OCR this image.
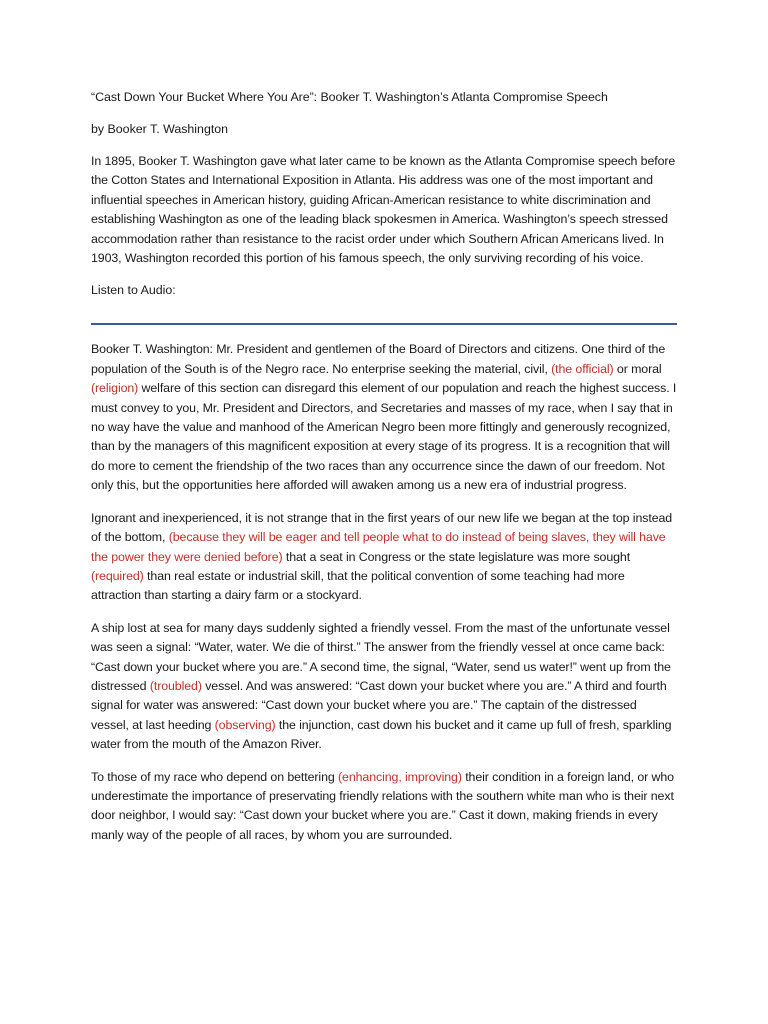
“Cast Down Your Bucket Where You Are”: Booker T. Washington’s Atlanta Compromise Speech

by Booker T. Washington

In 1895, Booker T. Washington gave what later came to be known as the Atlanta Compromise speech before the Cotton States and International Exposition in Atlanta. His address was one of the most important and influential speeches in American history, guiding African-American resistance to white discrimination and establishing Washington as one of the leading black spokesmen in America. Washington’s speech stressed accommodation rather than resistance to the racist order under which Southern African Americans lived. In 1903, Washington recorded this portion of his famous speech, the only surviving recording of his voice.

Listen to Audio:

Booker T. Washington: Mr. President and gentlemen of the Board of Directors and citizens. One third of the population of the South is of the Negro race. No enterprise seeking the material, civil, (the official) or moral (religion) welfare of this section can disregard this element of our population and reach the highest success. I must convey to you, Mr. President and Directors, and Secretaries and masses of my race, when I say that in no way have the value and manhood of the American Negro been more fittingly and generously recognized, than by the managers of this magnificent exposition at every stage of its progress. It is a recognition that will do more to cement the friendship of the two races than any occurrence since the dawn of our freedom. Not only this, but the opportunities here afforded will awaken among us a new era of industrial progress.

Ignorant and inexperienced, it is not strange that in the first years of our new life we began at the top instead of the bottom, (because they will be eager and tell people what to do instead of being slaves, they will have the power they were denied before) that a seat in Congress or the state legislature was more sought (required) than real estate or industrial skill, that the political convention of some teaching had more attraction than starting a dairy farm or a stockyard.

A ship lost at sea for many days suddenly sighted a friendly vessel. From the mast of the unfortunate vessel was seen a signal: “Water, water. We die of thirst.” The answer from the friendly vessel at once came back: “Cast down your bucket where you are.” A second time, the signal, “Water, send us water!” went up from the distressed (troubled) vessel. And was answered: “Cast down your bucket where you are.” A third and fourth signal for water was answered: “Cast down your bucket where you are.” The captain of the distressed vessel, at last heeding (observing) the injunction, cast down his bucket and it came up full of fresh, sparkling water from the mouth of the Amazon River.

To those of my race who depend on bettering (enhancing, improving) their condition in a foreign land, or who underestimate the importance of preservating friendly relations with the southern white man who is their next door neighbor, I would say: “Cast down your bucket where you are.” Cast it down, making friends in every manly way of the people of all races, by whom you are surrounded.
